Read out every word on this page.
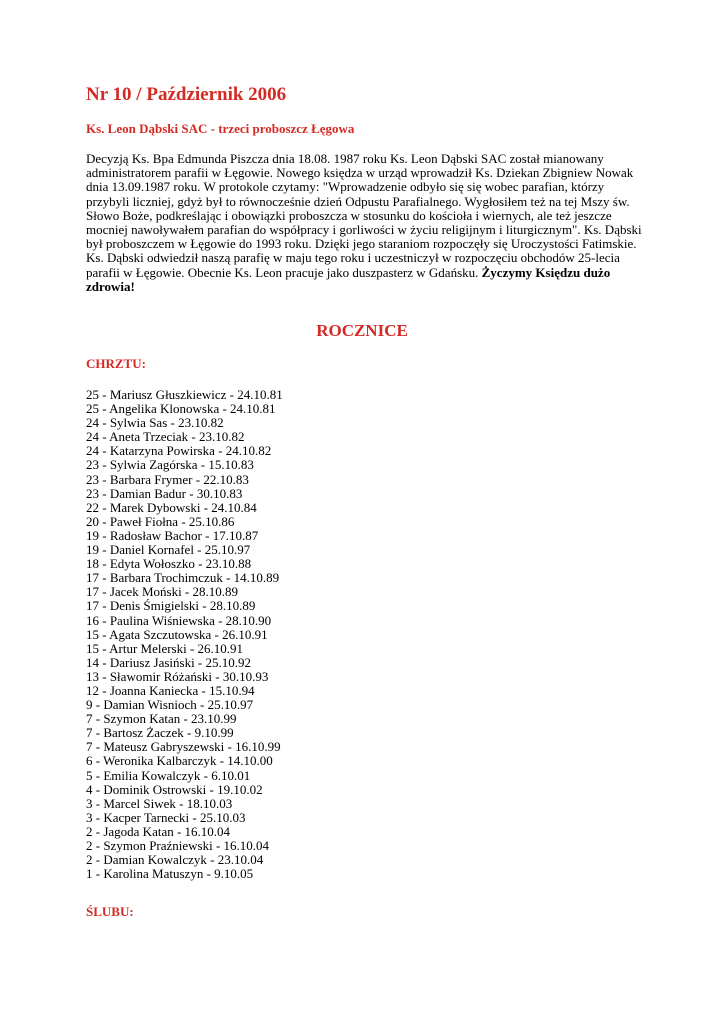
Nr 10 / Październik 2006
Ks. Leon Dąbski SAC - trzeci proboszcz Łęgowa

Decyzją Ks. Bpa Edmunda Piszcza dnia 18.08. 1987 roku Ks. Leon Dąbski SAC został mianowany administratorem parafii w Łęgowie. Nowego księdza w urząd wprowadził Ks. Dziekan Zbigniew Nowak dnia 13.09.1987 roku. W protokole czytamy: "Wprowadzenie odbyło się się wobec parafian, którzy przybyli liczniej, gdyż był to równocześnie dzień Odpustu Parafialnego. Wygłosiłem też na tej Mszy św. Słowo Boże, podkreślając i obowiązki proboszcza w stosunku do kościoła i wiernych, ale też jeszcze mocniej nawoływałem parafian do współpracy i gorliwości w życiu religijnym i liturgicznym". Ks. Dąbski był proboszczem w Łęgowie do 1993 roku. Dzięki jego staraniom rozpoczęły się Uroczystości Fatimskie. Ks. Dąbski odwiedził naszą parafię w maju tego roku i uczestniczył w rozpoczęciu obchodów 25-lecia parafii w Łęgowie. Obecnie Ks. Leon pracuje jako duszpasterz w Gdańsku. Życzymy Księdzu dużo zdrowia!

ROCZNICE
CHRZTU:
25 - Mariusz Głuszkiewicz - 24.10.81
25 - Angelika Klonowska - 24.10.81
24 - Sylwia Sas - 23.10.82
24 - Aneta Trzeciak - 23.10.82
24 - Katarzyna Powirska - 24.10.82
23 - Sylwia Zagórska - 15.10.83
23 - Barbara Frymer - 22.10.83
23 - Damian Badur - 30.10.83
22 - Marek Dybowski - 24.10.84
20 - Paweł Fiołna - 25.10.86
19 - Radosław Bachor - 17.10.87
19 - Daniel Kornafel - 25.10.97
18 - Edyta Wołoszko - 23.10.88
17 - Barbara Trochimczuk - 14.10.89
17 - Jacek Moński - 28.10.89
17 - Denis Śmigielski - 28.10.89
16 - Paulina Wiśniewska - 28.10.90
15 - Agata Szczutowska - 26.10.91
15 - Artur Melerski - 26.10.91
14 - Dariusz Jasiński - 25.10.92
13 - Sławomir Różański - 30.10.93
12 - Joanna Kaniecka - 15.10.94
9 - Damian Wisnioch - 25.10.97
7 - Szymon Katan - 23.10.99
7 - Bartosz Żaczek - 9.10.99
7 - Mateusz Gabryszewski - 16.10.99
6 - Weronika Kalbarczyk - 14.10.00
5 - Emilia Kowalczyk - 6.10.01
4 - Dominik Ostrowski - 19.10.02
3 - Marcel Siwek - 18.10.03
3 - Kacper Tarnecki - 25.10.03
2 - Jagoda Katan - 16.10.04
2 - Szymon Praźniewski - 16.10.04
2 - Damian Kowalczyk - 23.10.04
1 - Karolina Matuszyn - 9.10.05
ŚLUBU:
